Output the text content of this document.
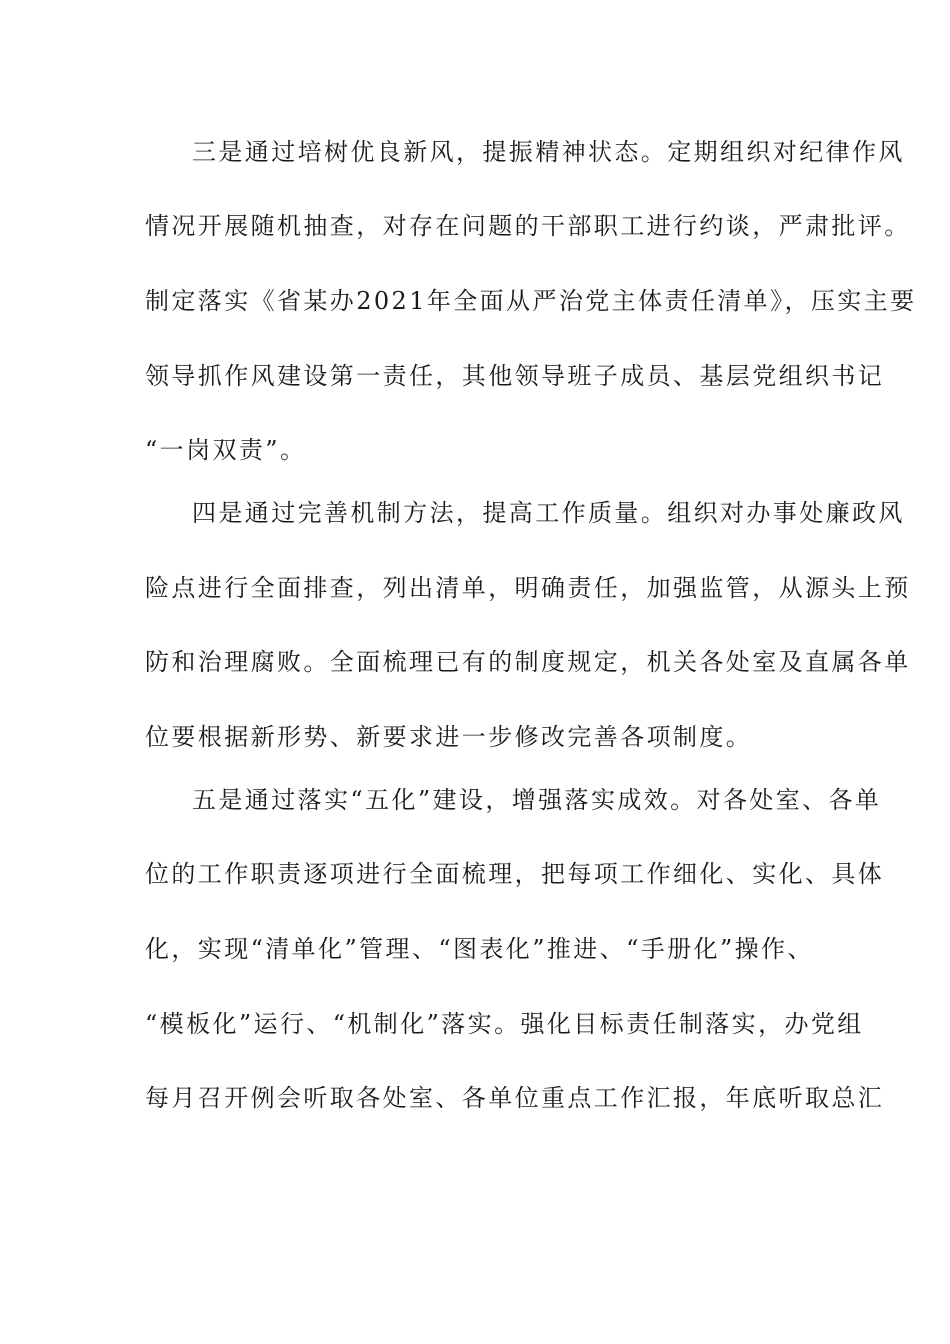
三是通过培树优良新风，提振精神状态。定期组织对纪律作风
情况开展随机抽查，对存在问题的干部职工进行约谈，严肃批评。
制定落实《省某办2021年全面从严治党主体责任清单》，压实主要
领导抓作风建设第一责任，其他领导班子成员、基层党组织书记
“一岗双责”。
四是通过完善机制方法，提高工作质量。组织对办事处廉政风
险点进行全面排查，列出清单，明确责任，加强监管，从源头上预
防和治理腐败。全面梳理已有的制度规定，机关各处室及直属各单
位要根据新形势、新要求进一步修改完善各项制度。
五是通过落实“五化”建设，增强落实成效。对各处室、各单
位的工作职责逐项进行全面梳理，把每项工作细化、实化、具体
化，实现“清单化”管理、“图表化”推进、“手册化”操作、
“模板化”运行、“机制化”落实。强化目标责任制落实，办党组
每月召开例会听取各处室、各单位重点工作汇报，年底听取总汇
